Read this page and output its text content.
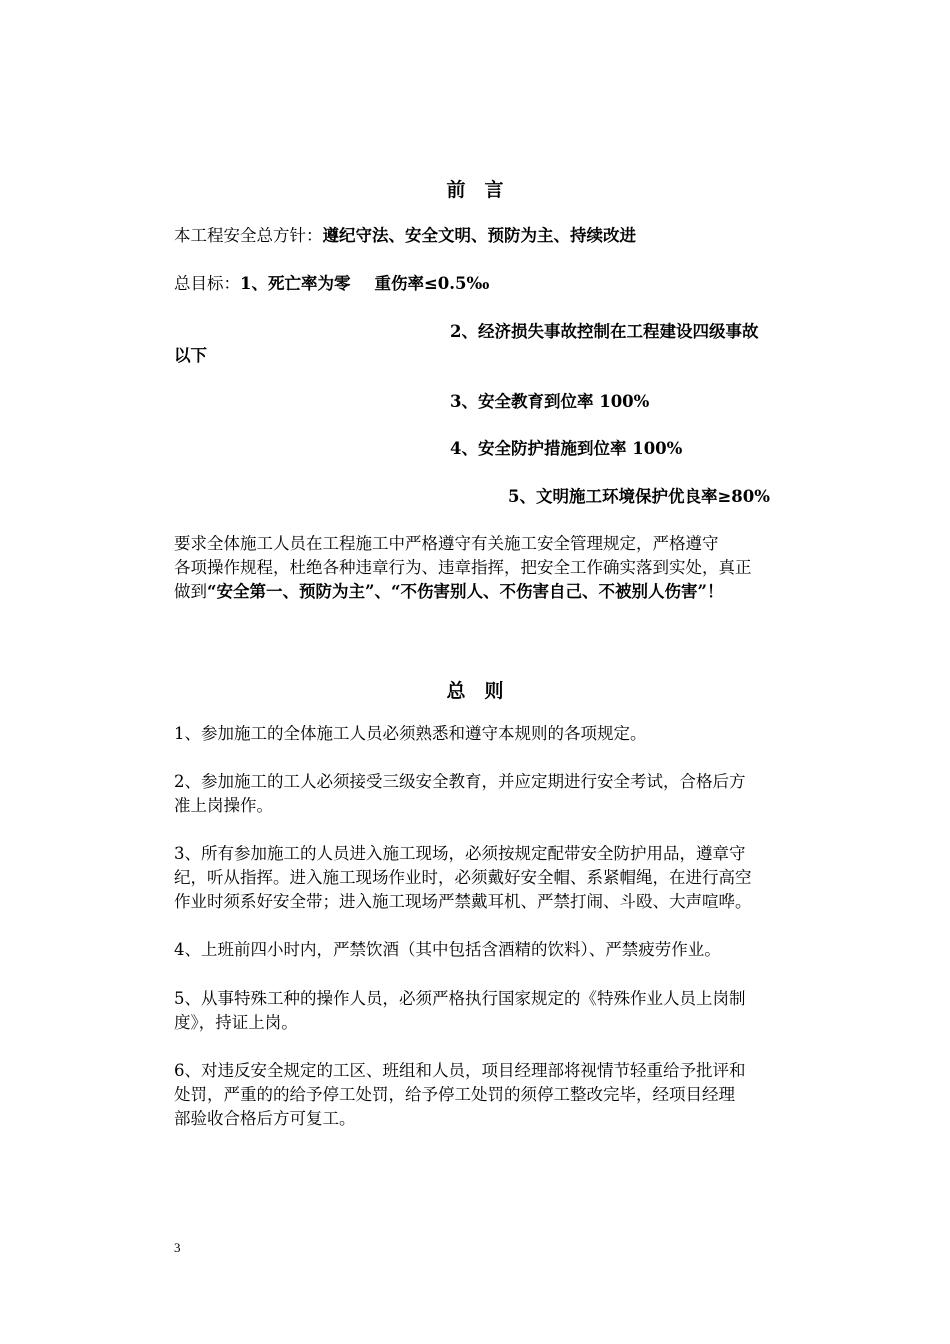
前　言
本工程安全总方针：遵纪守法、安全文明、预防为主、持续改进
总目标：1、死亡率为零 重伤率≤0.5‰
2、经济损失事故控制在工程建设四级事故
以下
3、安全教育到位率 100%
4、安全防护措施到位率 100%
5、文明施工环境保护优良率≥80%
要求全体施工人员在工程施工中严格遵守有关施工安全管理规定，严格遵守
各项操作规程，杜绝各种违章行为、违章指挥，把安全工作确实落到实处，真正
做到“安全第一、预防为主”、“不伤害别人、不伤害自己、不被别人伤害”！
总　则
1、参加施工的全体施工人员必须熟悉和遵守本规则的各项规定。
2、参加施工的工人必须接受三级安全教育，并应定期进行安全考试，合格后方
准上岗操作。
3、所有参加施工的人员进入施工现场，必须按规定配带安全防护用品，遵章守
纪，听从指挥。进入施工现场作业时，必须戴好安全帽、系紧帽绳，在进行高空
作业时须系好安全带；进入施工现场严禁戴耳机、严禁打闹、斗殴、大声喧哗。
4、上班前四小时内，严禁饮酒（其中包括含酒精的饮料）、严禁疲劳作业。
5、从事特殊工种的操作人员，必须严格执行国家规定的《特殊作业人员上岗制
度》，持证上岗。
6、对违反安全规定的工区、班组和人员，项目经理部将视情节轻重给予批评和
处罚，严重的的给予停工处罚，给予停工处罚的须停工整改完毕，经项目经理
部验收合格后方可复工。
3
